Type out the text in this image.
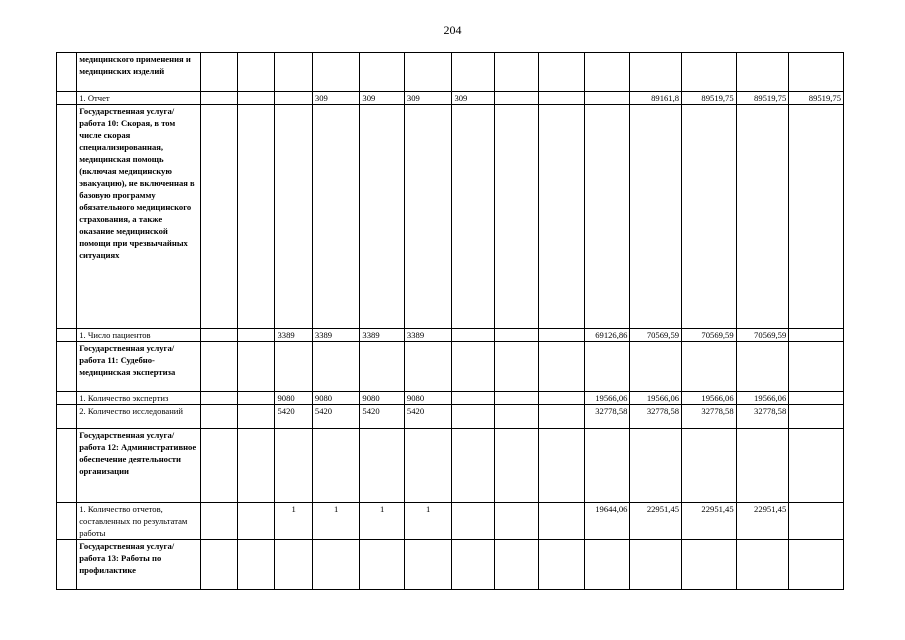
204
	медицинского применения и медицинских изделий														
	1. Отчет				309	309	309	309				89161,8	89519,75	89519,75	89519,75
	Государственная услуга/работа 10: Скорая, в том числе скорая специализированная, медицинская помощь (включая медицинскую эвакуацию), не включенная в базовую программу обязательного медицинского страхования, а также оказание медицинской помощи при чрезвычайных ситуациях														
	1. Число пациентов			3389	3389	3389	3389				69126,86	70569,59	70569,59	70569,59	
	Государственная услуга/работа 11: Судебно-медицинская экспертиза														
	1. Количество экспертиз			9080	9080	9080	9080				19566,06	19566,06	19566,06	19566,06	
	2. Количество исследований			5420	5420	5420	5420				32778,58	32778,58	32778,58	32778,58	
	Государственная услуга/работа 12: Административное обеспечение деятельности организации														
	1. Количество отчетов, составленных по результатам работы			1	1	1	1				19644,06	22951,45	22951,45	22951,45	
	Государственная услуга/работа 13: Работы по профилактике														
